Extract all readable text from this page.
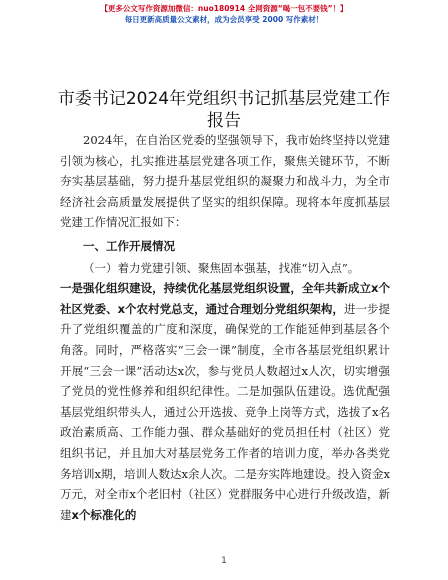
【更多公文写作资源加微信：nuo180914 全网资源“喝一包不要钱”！】
每日更新高质量公文素材，成为会员享受 2000 写作素材！
市委书记2024年党组织书记抓基层党建工作报告

2024年，在自治区党委的坚强领导下，我市始终坚持以党建引领为核心，扎实推进基层党建各项工作，聚焦关键环节，不断夯实基层基础，努力提升基层党组织的凝聚力和战斗力，为全市经济社会高质量发展提供了坚实的组织保障。现将本年度抓基层党建工作情况汇报如下：

一、工作开展情况

（一）着力党建引领、聚焦固本强基，找准“切入点”。

一是强化组织建设，持续优化基层党组织设置，全年共新成立x个社区党委、x个农村党总支，通过合理划分党组织架构，进一步提升了党组织覆盖的广度和深度，确保党的工作能延伸到基层各个角落。同时，严格落实“三会一课”制度，全市各基层党组织累计开展“三会一课”活动达x次，参与党员人数超过x人次，切实增强了党员的党性修养和组织纪律性。二是加强队伍建设。选优配强基层党组织带头人，通过公开选拔、竞争上岗等方式，选拔了x名政治素质高、工作能力强、群众基础好的党员担任村（社区）党组织书记，并且加大对基层党务工作者的培训力度，举办各类党务培训x期，培训人数达x余人次。二是夯实阵地建设。投入资金x万元，对全市x个老旧村（社区）党群服务中心进行升级改造，新建x个标准化的
1
